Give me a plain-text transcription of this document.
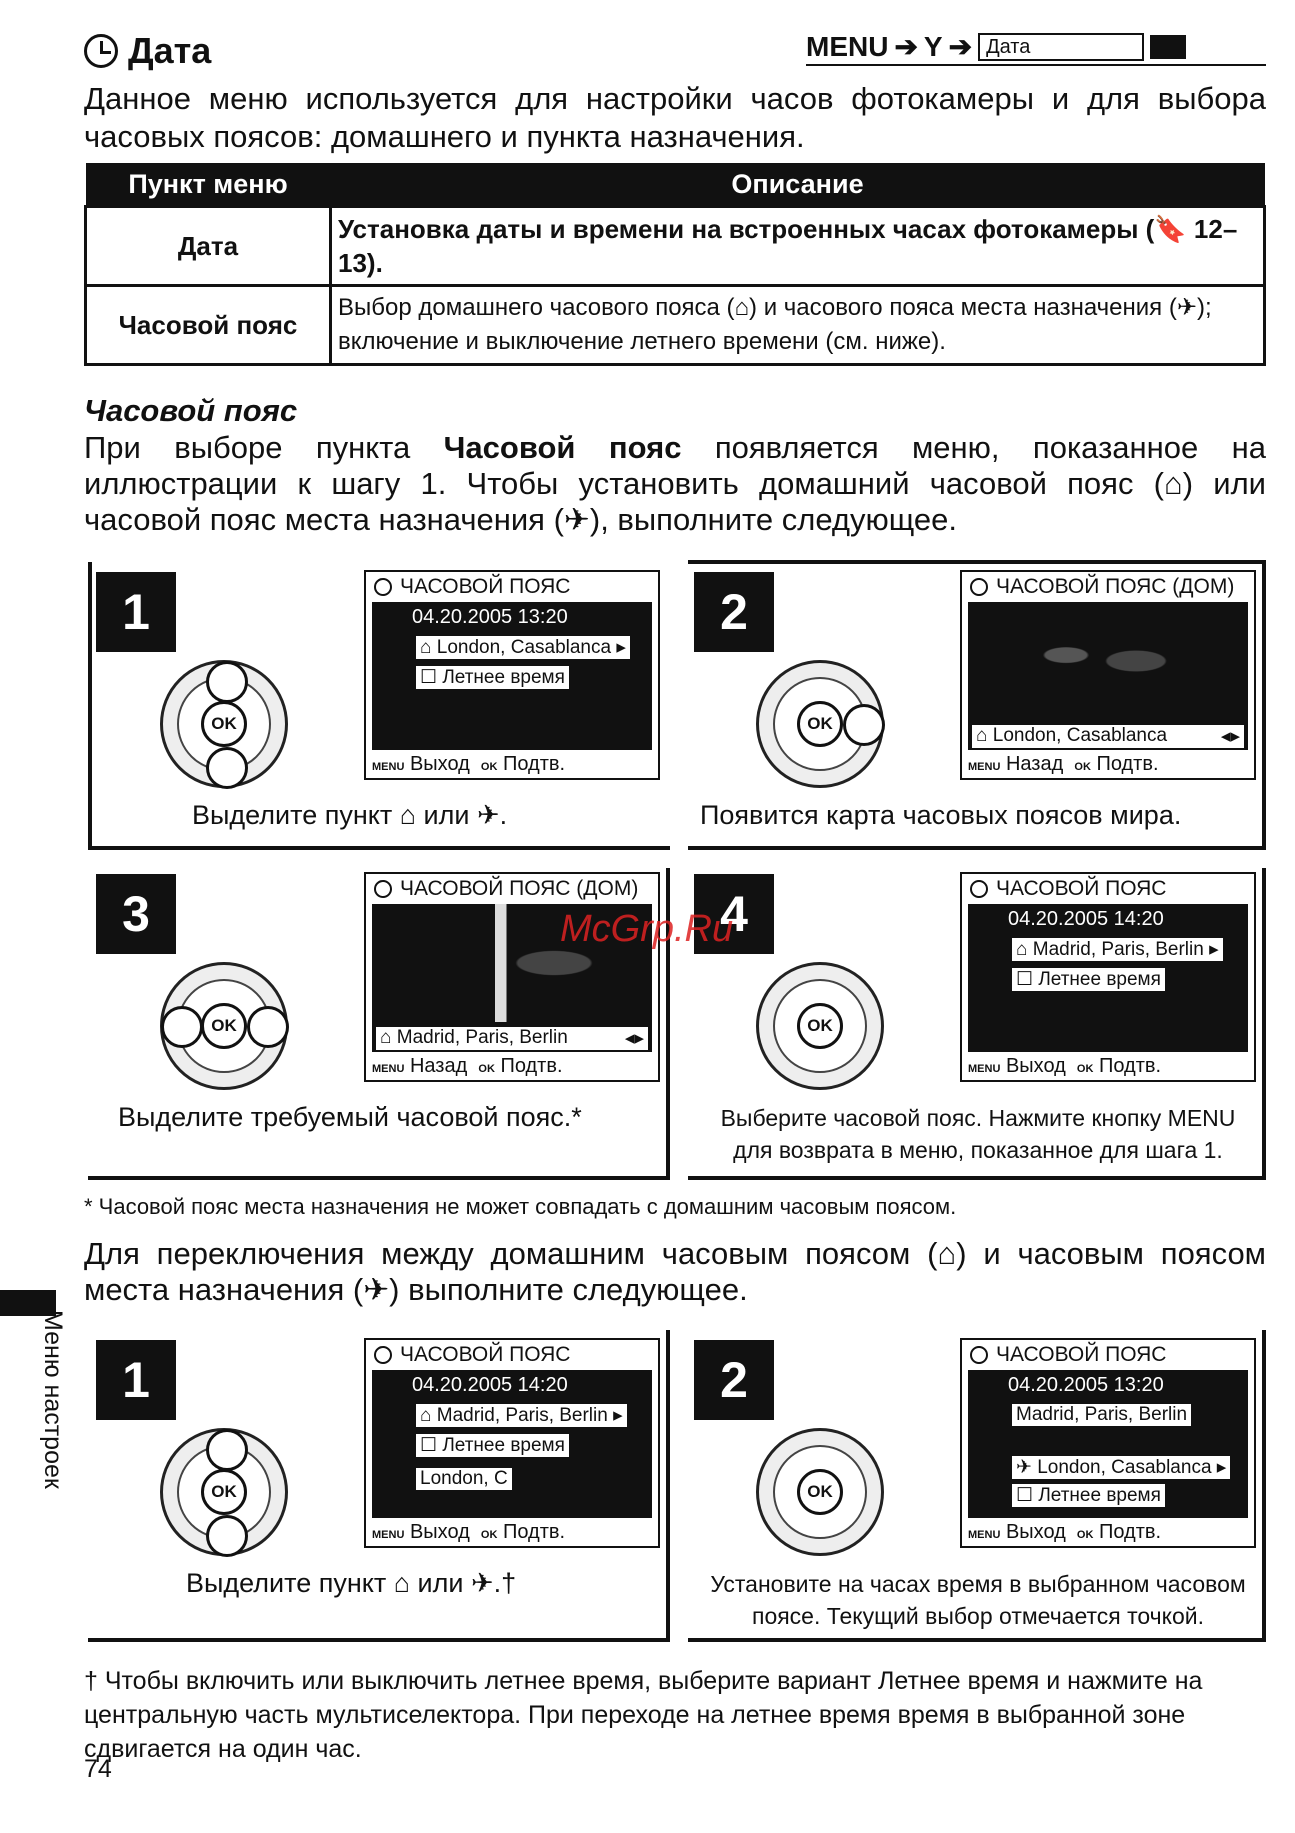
Дата	MENU ➔ Y ➔ Дата
Данное меню используется для настройки часов фотокамеры и для выбора часовых поясов: домашнего и пункта назначения.
Пункт меню	Описание
Дата	Установка даты и времени на встроенных часах фотокамеры (🔖 12–13).
Часовой пояс	Выбор домашнего часового пояса (⌂) и часового пояса места назначения (✈); включение и выключение летнего времени (см. ниже).
Часовой пояс
При выборе пункта Часовой пояс появляется меню, показанное на иллюстрации к шагу 1. Чтобы установить домашний часовой пояс (⌂) или часовой пояс места назначения (✈), выполните следующее.
1
OK
ЧАСОВОЙ ПОЯС
04.20.2005 13:20
⌂ London, Casablanca ▸
☐ Летнее время
MENU Выход OK Подтв.
Выделите пункт ⌂ или ✈.
2
OK
ЧАСОВОЙ ПОЯС (ДОМ)
⌂ London, Casablanca	◂▸
MENU Назад OK Подтв.
Появится карта часовых поясов мира.
3
OK
ЧАСОВОЙ ПОЯС (ДОМ)
⌂ Madrid, Paris, Berlin	◂▸
MENU Назад OK Подтв.
Выделите требуемый часовой пояс.*
4
OK
ЧАСОВОЙ ПОЯС
04.20.2005 14:20
⌂ Madrid, Paris, Berlin ▸
☐ Летнее время
MENU Выход OK Подтв.
Выберите часовой пояс. Нажмите кнопку MENU для возврата в меню, показанное для шага 1.
McGrp.Ru
* Часовой пояс места назначения не может совпадать с домашним часовым поясом.
Для переключения между домашним часовым поясом (⌂) и часовым поясом места назначения (✈) выполните следующее.
1
OK
ЧАСОВОЙ ПОЯС
04.20.2005 14:20
⌂ Madrid, Paris, Berlin ▸
☐ Летнее время
London, C
MENU Выход OK Подтв.
Выделите пункт ⌂ или ✈.†
2
OK
ЧАСОВОЙ ПОЯС
04.20.2005 13:20
Madrid, Paris, Berlin
✈ London, Casablanca ▸
☐ Летнее время
MENU Выход OK Подтв.
Установите на часах время в выбранном часовом поясе. Текущий выбор отмечается точкой.
† Чтобы включить или выключить летнее время, выберите вариант Летнее время и нажмите на центральную часть мультиселектора. При переходе на летнее время время в выбранной зоне сдвигается на один час.
Меню настроек
74
